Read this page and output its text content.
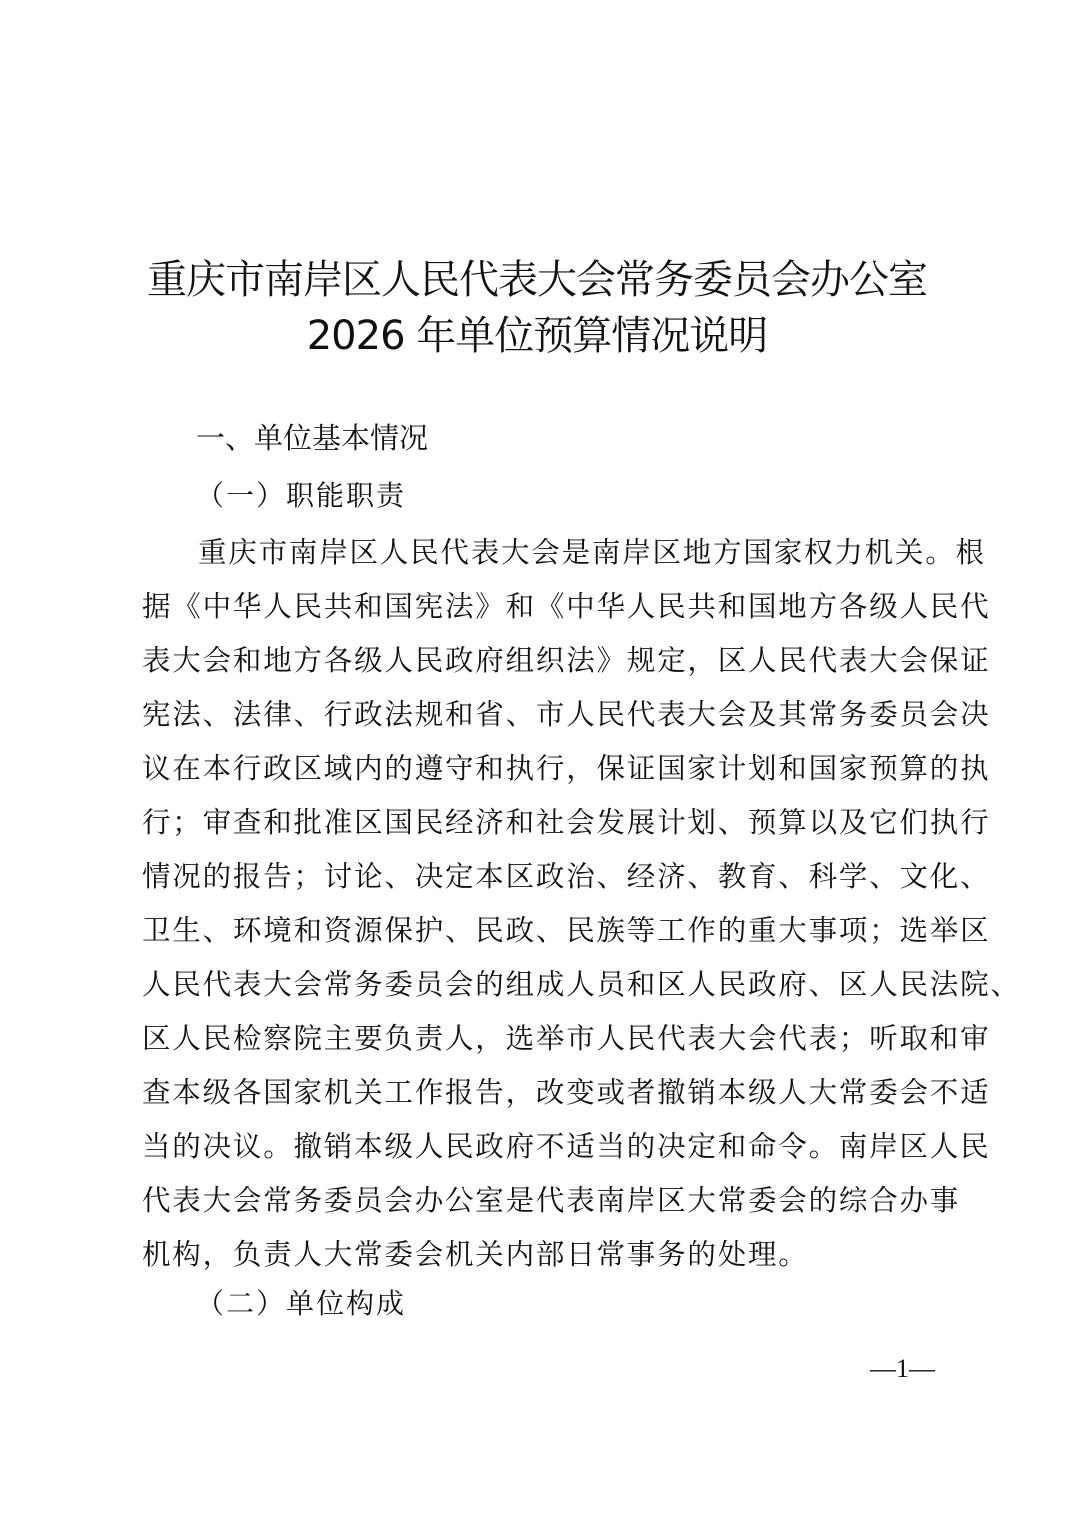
重庆市南岸区人民代表大会常务委员会办公室
2026 年单位预算情况说明
一、单位基本情况
（一）职能职责
重庆市南岸区人民代表大会是南岸区地方国家权力机关。根
据《中华人民共和国宪法》和《中华人民共和国地方各级人民代
表大会和地方各级人民政府组织法》规定，区人民代表大会保证
宪法、法律、行政法规和省、市人民代表大会及其常务委员会决
议在本行政区域内的遵守和执行，保证国家计划和国家预算的执
行；审查和批准区国民经济和社会发展计划、预算以及它们执行
情况的报告；讨论、决定本区政治、经济、教育、科学、文化、
卫生、环境和资源保护、民政、民族等工作的重大事项；选举区
人民代表大会常务委员会的组成人员和区人民政府、区人民法院、
区人民检察院主要负责人，选举市人民代表大会代表；听取和审
查本级各国家机关工作报告，改变或者撤销本级人大常委会不适
当的决议。撤销本级人民政府不适当的决定和命令。南岸区人民
代表大会常务委员会办公室是代表南岸区大常委会的综合办事
机构，负责人大常委会机关内部日常事务的处理。
（二）单位构成
—1—
